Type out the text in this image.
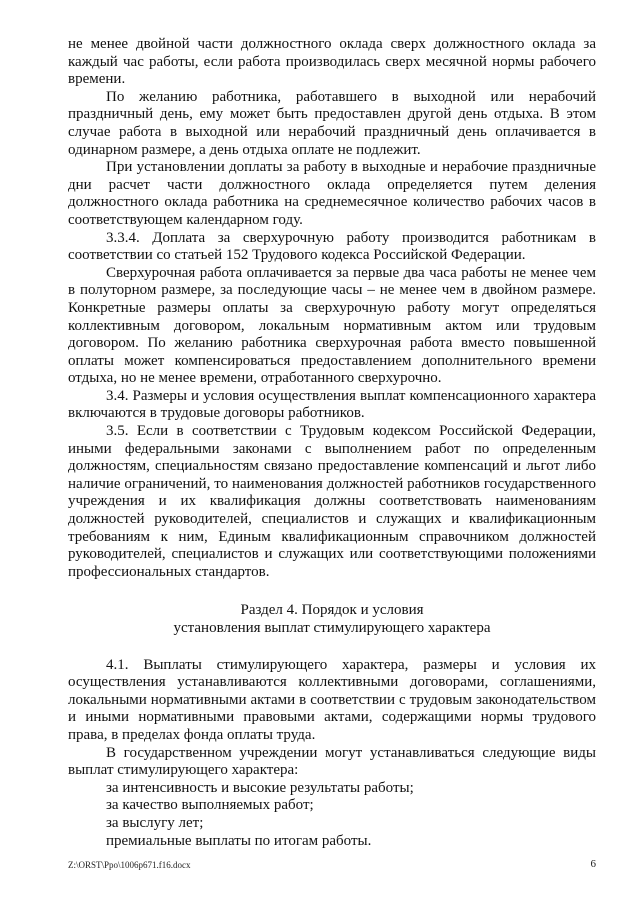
не менее двойной части должностного оклада сверх должностного оклада за каждый час работы, если работа производилась сверх месячной нормы рабочего времени.

По желанию работника, работавшего в выходной или нерабочий праздничный день, ему может быть предоставлен другой день отдыха. В этом случае работа в выходной или нерабочий праздничный день оплачивается в одинарном размере, а день отдыха оплате не подлежит.

При установлении доплаты за работу в выходные и нерабочие праздничные дни расчет части должностного оклада определяется путем деления должностного оклада работника на среднемесячное количество рабочих часов в соответствующем календарном году.

3.3.4. Доплата за сверхурочную работу производится работникам в соответствии со статьей 152 Трудового кодекса Российской Федерации.

Сверхурочная работа оплачивается за первые два часа работы не менее чем в полуторном размере, за последующие часы – не менее чем в двойном размере. Конкретные размеры оплаты за сверхурочную работу могут определяться коллективным договором, локальным нормативным актом или трудовым договором. По желанию работника сверхурочная работа вместо повышенной оплаты может компенсироваться предоставлением дополнительного времени отдыха, но не менее времени, отработанного сверхурочно.

3.4. Размеры и условия осуществления выплат компенсационного характера включаются в трудовые договоры работников.

3.5. Если в соответствии с Трудовым кодексом Российской Федерации, иными федеральными законами с выполнением работ по определенным должностям, специальностям связано предоставление компенсаций и льгот либо наличие ограничений, то наименования должностей работников государственного учреждения и их квалификация должны соответствовать наименованиям должностей руководителей, специалистов и служащих и квалификационным требованиям к ним, Единым квалификационным справочником должностей руководителей, специалистов и служащих или соответствующими положениями профессиональных стандартов.

Раздел 4. Порядок и условия

установления выплат стимулирующего характера

4.1. Выплаты стимулирующего характера, размеры и условия их осуществления устанавливаются коллективными договорами, соглашениями, локальными нормативными актами в соответствии с трудовым законодательством и иными нормативными правовыми актами, содержащими нормы трудового права, в пределах фонда оплаты труда.

В государственном учреждении могут устанавливаться следующие виды выплат стимулирующего характера:

за интенсивность и высокие результаты работы;

за качество выполняемых работ;

за выслугу лет;

премиальные выплаты по итогам работы.

Z:\ORST\Ppo\1006p671.f16.docx	6
